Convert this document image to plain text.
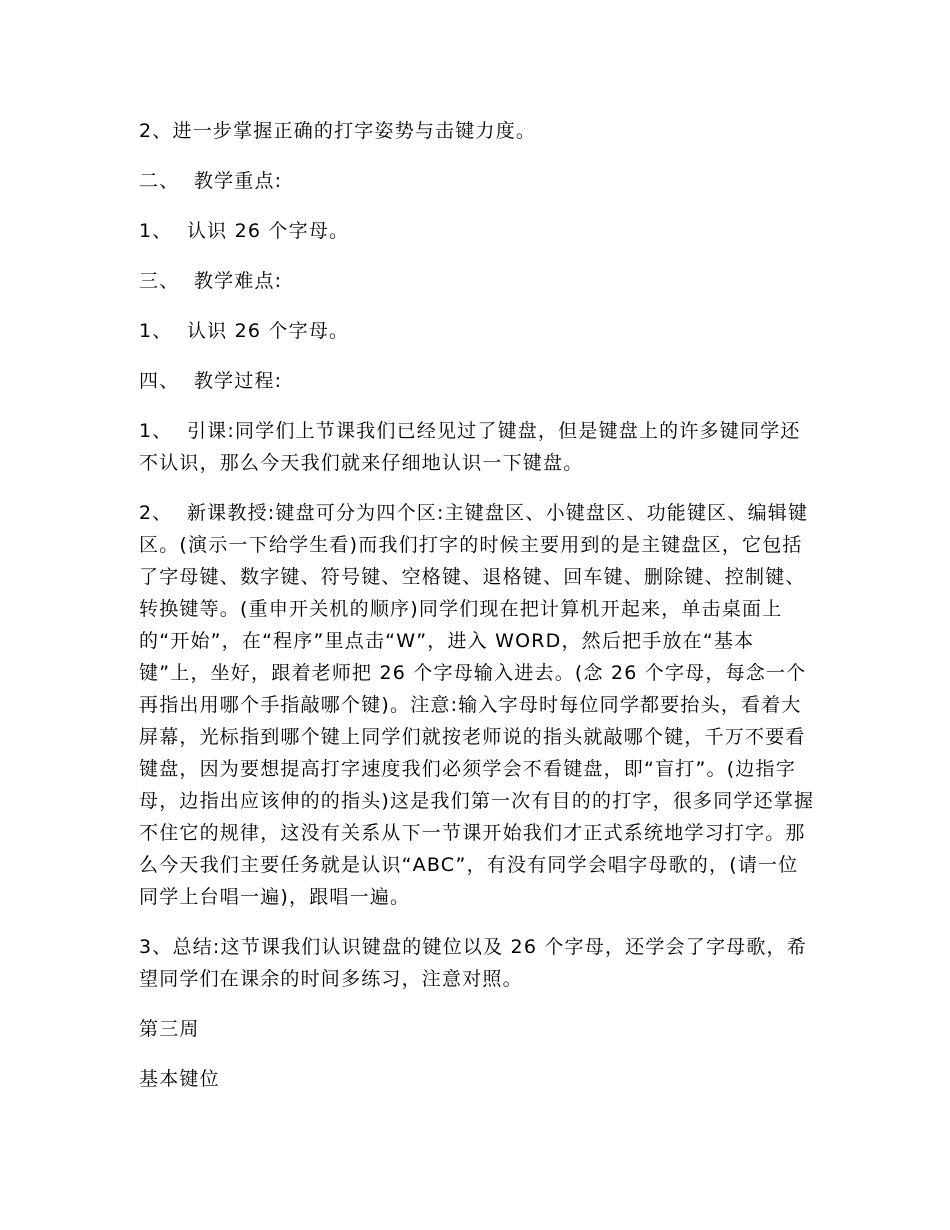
2、进一步掌握正确的打字姿势与击键力度。

二、  教学重点:

1、  认识 26 个字母。

三、  教学难点:

1、  认识 26 个字母。

四、  教学过程:

1、  引课:同学们上节课我们已经见过了键盘，但是键盘上的许多键同学还不认识，那么今天我们就来仔细地认识一下键盘。

2、  新课教授:键盘可分为四个区:主键盘区、小键盘区、功能键区、编辑键区。(演示一下给学生看)而我们打字的时候主要用到的是主键盘区，它包括了字母键、数字键、符号键、空格键、退格键、回车键、删除键、控制键、转换键等。(重申开关机的顺序)同学们现在把计算机开起来，单击桌面上的“开始”，在“程序”里点击“W”，进入 WORD，然后把手放在“基本键”上，坐好，跟着老师把 26 个字母输入进去。(念 26 个字母，每念一个再指出用哪个手指敲哪个键)。注意:输入字母时每位同学都要抬头，看着大屏幕，光标指到哪个键上同学们就按老师说的指头就敲哪个键，千万不要看键盘，因为要想提高打字速度我们必须学会不看键盘，即“盲打”。(边指字母，边指出应该伸的的指头)这是我们第一次有目的的打字，很多同学还掌握不住它的规律，这没有关系从下一节课开始我们才正式系统地学习打字。那么今天我们主要任务就是认识“ABC”，有没有同学会唱字母歌的，(请一位同学上台唱一遍)，跟唱一遍。

3、总结:这节课我们认识键盘的键位以及 26 个字母，还学会了字母歌，希望同学们在课余的时间多练习，注意对照。

第三周

基本键位
